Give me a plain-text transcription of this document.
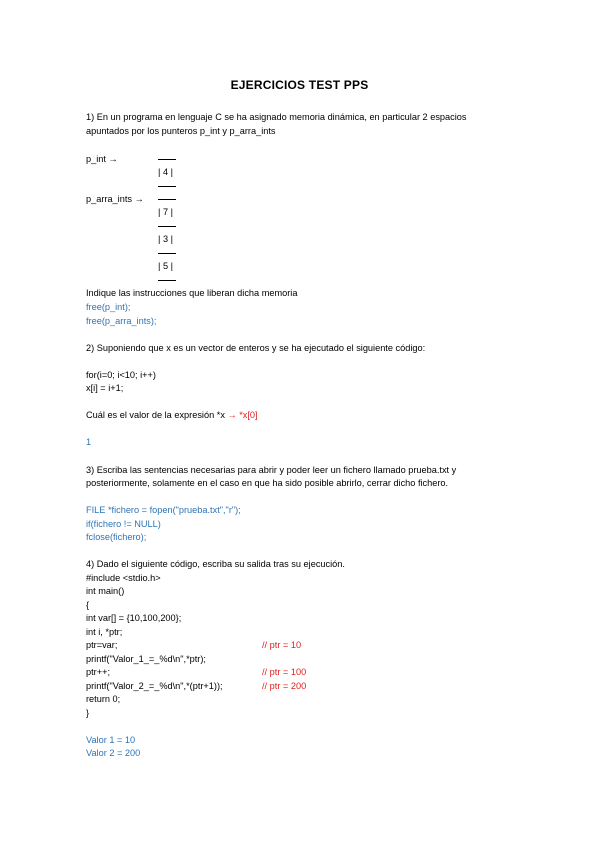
EJERCICIOS TEST PPS
1) En un programa en lenguaje C se ha asignado memoria dinámica, en particular 2 espacios
apuntados por los punteros p_int y p_arra_ints
p_int →
| 4 |
p_arra_ints →
| 7 |
| 3 |
| 5 |
Indique las instrucciones que liberan dicha memoria
free(p_int);
free(p_arra_ints);
2) Suponiendo que x es un vector de enteros y se ha ejecutado el siguiente código:
for(i=0; i<10; i++)
x[i] = i+1;
Cuál es el valor de la expresión *x → *x[0]
1
3) Escriba las sentencias necesarias para abrir y poder leer un fichero llamado prueba.txt y
posteriormente, solamente en el caso en que ha sido posible abrirlo, cerrar dicho fichero.
FILE *fichero = fopen("prueba.txt","r");
if(fichero != NULL)
fclose(fichero);
4) Dado el siguiente código, escriba su salida tras su ejecución.
#include <stdio.h>
int main()
{
int var[] = {10,100,200};
int i, *ptr;
ptr=var;	// ptr = 10
printf("Valor_1_=_%d\n",*ptr);
ptr++;	// ptr = 100
printf("Valor_2_=_%d\n",*(ptr+1));	// ptr = 200
return 0;
}
Valor 1 = 10
Valor 2 = 200
